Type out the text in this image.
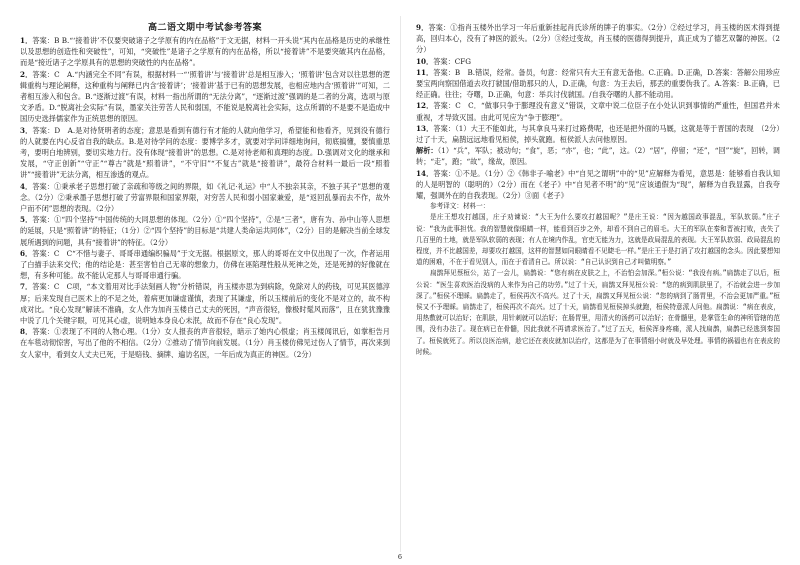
高二语文期中考试参考答案

1．答案：B B.“‘接着讲’不仅要突破诸子之学原有的内在品格”于文无据，材料一开头说“其内在品格是历史的承继性以及思想的创造性和突破性”，可知，“突破性”是诸子之学原有的内在品格，所以“接着讲”不是要突破其内在品格，而是“接近诸子之学原具有的思想的突破性的内在品格”。

2．答案：C　A.“内涵完全不同”有误，根据材料一“‘照着讲’与‘接着讲’总是相互渗入；‘照着讲’包含对以往思想的逻辑重构与理论阐释，这种重构与阐释已内含‘接着讲’；‘接着讲’基于已有的思想发展，也相应地内含‘照着讲’”可知，二者相互渗入和包含。B.“逐渐过渡”有误，材料一指出所谓的“无法分离”，“逐渐过渡”强调的是二者的分离，选项与原文矛盾。D.“脱离社会实际”有误，墨家关注劳苦人民和弱国，不能说是脱离社会实际，这点所谓的不是要不是造成中国历史选择儒家作为正统思想的原因。

3．答案：D　A.是对待贤明者的态度；意思是看到有德行有才能的人就向他学习，希望能和他看齐，见到没有德行的人就要在内心反省自我的缺点。B.是对待学问的态度：要博学多才，就要对学问详细地询问，彻底搞懂，要慎重思考，要明白地辨别，要切实地力行。没有体现“接着讲”的思想。C.是对待老师和真理的态度。D.强调对文化的继承和发展，“守正创新”“守正”“尊古”就是“照着讲”，“不守旧”“不复古”就是“接着讲”，最符合材料一最后一段“照着讲”“接着讲”无法分离，相互渗透的观点。

4．答案：①秉承老子思想打破了亲疏和等级之间的界限，如《礼记·礼运》中“人不独亲其亲，不独子其子”思想的观念。（2分）②秉承墨子思想打破了劳富界限和国家界限，对穷苦人民和弱小国家兼爱，是“返回乱暴而去不作，故外户而不闭”思想的表现。（2分）

5．答案：①“四个坚持”中国传统的大同思想的体现。（2分）①“四个坚持”，②是“三者”，唐有为、孙中山等人思想的延展，只是“照着讲”的特征；（1分）②“四个坚持”的目标是“共建人类命运共同体”，（2分）目的是解决当前全球发展所遇到的问题，具有“接着讲”的特征。（2分）

6．答案：C　C“不惜与妻子、哥哥串通编织骗局”于文无据。根据原文，那人的哥哥在文中仅出现了一次，作者运用了白描手法来交代；他的结论是：甚至害怕自己无辜的想象力，仿佛在诬陷理性般从死神之处，还是死掉的好像就在想，有多种可能。故不能认定那人与哥哥串通行骗。

7．答案：C　C项，“本文着用对比手法刻画人物”分析错误，肖玉楼亦思为到病除，免除对人的药钱，可见其医德淳厚；后来发现自己医术上的不足之处，着病更加谦虚谨慎，表现了其谦虚，所以玉楼前后的变化不是对立的，故不构成对比。“良心发现”解读不准确，女人作为加肖玉楼自己丈夫的死因，“声音很轻，像极时髦风而落”，且在犹犹豫豫中说了几个关键字眼，可见其心虚，说明她本身良心未泯，故而不存在“良心发现”。

8．答案：①表现了不同的人物心理。（1分）女人报丧的声音很轻，暗示了她内心恨虚；肖玉楼闻讯后，如掌柜告月在车毯动彻惊害，写出了他的不相信。（2分）②推动了情节向前发展。（1分）肖玉楼仿佛见过伤人了情节，再次来到女人家中，看到女人丈夫已死，于是赔钱、摘牌、遍访名医，一年后成为真正的神医。（2分）

9．答案：①指肖玉楼外出学习一年后重新挂起肖氏诊所的牌子的事实。（2分）②经过学习，肖玉楼的医术得到提高，回归本心，没有了神医的派头。（2分）③经过变故，肖玉楼的医德得到提升，真正成为了德艺双馨的神医。（2分）

10．答案：CFG

11．答案：B　B.错误，经常。备员，句意：经常只有大王有意无备他。C.正确。D.正确，D.答案：答解公用珍应要宝两向察国借道去攻打虢国/借助那只的人，D.正确，句意：为王去后，那丢的重要伪我了。A.答案：B.正确，已经正确。往往；夺曙，D.正确，句意：举兵讨伐虢国。/自我夺曙的人都不能动用。

12．答案：C　C．“做事只争于膨理没有意义”错误，文章中说二位臣子在小处认识到事情的严重性，但国君并未重视，才导致灭国。由此可见应为“争于膨理”。

13．答案：（1）大王不能如此，与其拿良马来打过路费呢，也还是把外面的马厩，这就是等于晋国的表现　（2分）过了十天，扁鹊远远地看见桓侯，掉头就跑。桓侯派人去问他原因。

解析：（1）“兵”，军队；被动句；“食”，恶；“亦”，也；“此”，这。（2）“居”，停留；“还”，“回”“旋”，回转，调转；“走”，跑；“故”，缘故，原因。

14．答案：①不是。（1分）②《韩非子·喻老》中“自见之谓明”中的“见”应解释为看见，意思是：能够看自我认知的人是明智的（聪明的）（2分）而在《老子》中“自见者不明”的“见”应该通假为“现”，解释为自我显露，自我夸耀，强调外在的自我表现。（2分）③面《老子》

参考译文：材料一：

是庄王想攻打越国，庄子劝谏说：“大王为什么要攻打越国呢？”是庄王说：“因为越国政事混乱，军队软弱。”庄子说：“我为此事担忧。我的智慧就像眼睛一样，能看到百步之外，却看不到自己的眉毛。大王的军队在秦和晋被打败，丧失了几百里的土地，就是军队软弱的表现；有人在境内作乱，官吏无能为力，这就是政局混乱的表现。大王军队软弱、政局混乱的程度，并不比越国差，却要攻打越国，这样的智慧如同眼睛看不见睫毛一样。”是庄王于是打消了攻打越国的念头。因此要想知道的困难，不在于看见别人，而在于看清自己。所以说：“自己认识到自己才叫做明察。”

扁鹊拜见蔡桓公，站了一会儿，扁鹊说：“您有病在皮肤之上，不治怕会加深。”桓公说：“我没有病。”扁鹊走了以后，桓公说：“医生喜欢医治没病的人来作为自己的功劳。”过了十天，扁鹊又拜见桓公说：“您的病到肌肤里了，不治就会进一步加深了。”桓侯不理睬。扁鹊走了，桓侯再次不高兴。过了十天，扁鹊又拜见桓公说：“您的病到了肠胃里，不治会更加严重。”桓侯又不予理睬。扁鹊走了，桓侯再次不高兴。过了十天，扁鹊看见桓侯掉头就跑，桓侯特意派人问他。扁鹊说：“病在表皮，用热敷就可以治好；在肌肤，用针刺就可以治好；在肠胃里，用清火的汤药可以治好；在骨髓里，是掌管生命的神所管辖的范围，没有办法了。现在病已在骨髓，因此我就不再请求医治了。”过了五天，桓侯浑身疼痛，派人找扁鹊，扁鹊已经逃到秦国了。桓侯就死了。所以良医治病，趁它还在表皮就加以治疗，这都是为了在事情细小时就及早处理。事情的祸福也有在表皮的时候。

6
